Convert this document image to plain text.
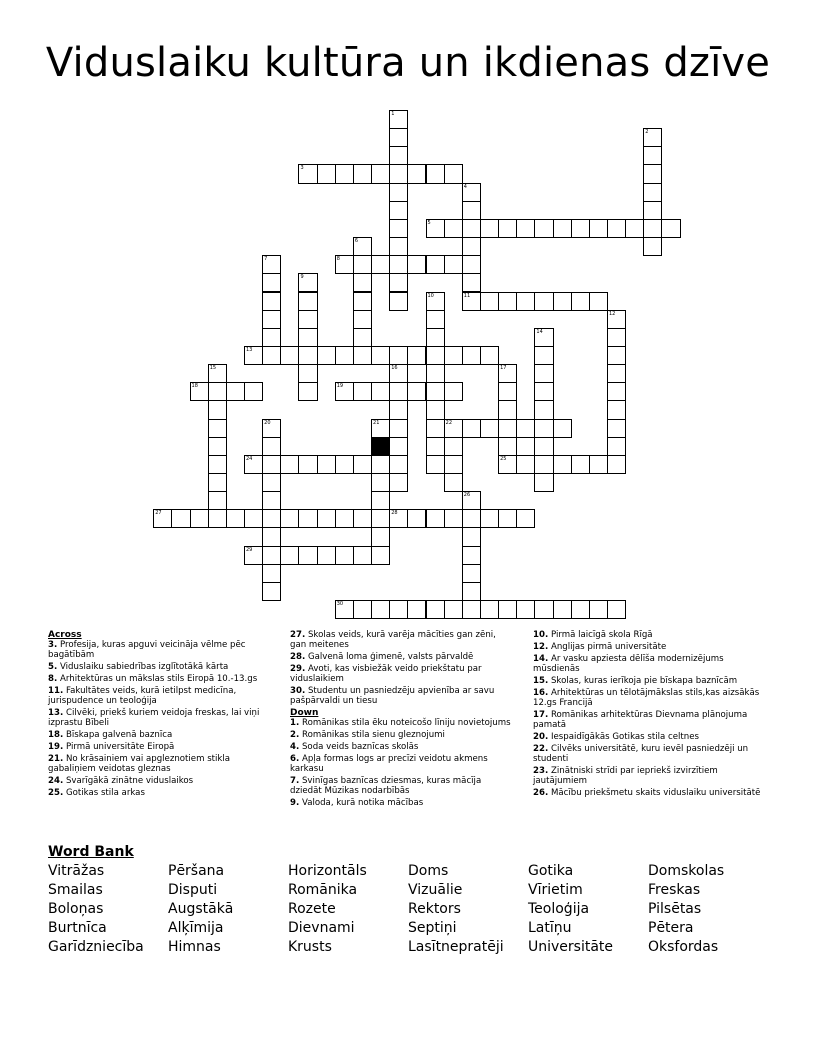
Viduslaiku kultūra un ikdienas dzīve
3
5
8
11
13
18	19
22
24	25
27	28
29
30
1
2
4
6
7
9
10
12
14
15	16	17
20	21
26
Across
3. Profesija, kuras apguvi veicināja vēlme pēc bagātībām
5. Viduslaiku sabiedrības izglītotākā kārta
8. Arhitektūras un mākslas stils Eiropā 10.-13.gs
11. Fakultātes veids, kurā ietilpst medicīna, jurispudence un teoloģija
13. Cilvēki, priekš kuriem veidoja freskas, lai viņi izprastu Bībeli
18. Bīskapa galvenā baznīca
19. Pirmā universitāte Eiropā
21. No krāsainiem vai apgleznotiem stikla gabaliņiem veidotas gleznas
24. Svarīgākā zinātne viduslaikos
25. Gotikas stila arkas
27. Skolas veids, kurā varēja mācīties gan zēni, gan meitenes
28. Galvenā loma ģimenē, valsts pārvaldē
29. Avoti, kas visbiežāk veido priekštatu par viduslaikiem
30. Studentu un pasniedzēju apvienība ar savu pašpārvaldi un tiesu
Down
1. Romānikas stila ēku noteicošo līniju novietojums
2. Romānikas stila sienu gleznojumi
4. Soda veids baznīcas skolās
6. Apļa formas logs ar precīzi veidotu akmens karkasu
7. Svinīgas baznīcas dziesmas, kuras mācīja dziedāt Mūzikas nodarbībās
9. Valoda, kurā notika mācības
10. Pirmā laicīgā skola Rīgā
12. Anglijas pirmā universitāte
14. Ar vasku apziesta dēlīša modernizējums mūsdienās
15. Skolas, kuras ierīkoja pie bīskapa baznīcām
16. Arhitektūras un tēlotājmākslas stils,kas aizsākās 12.gs Francijā
17. Romānikas arhitektūras Dievnama plānojuma pamatā
20. Iespaidīgākās Gotikas stila celtnes
22. Cilvēks universitātē, kuru ievēl pasniedzēji un studenti
23. Zinātniski strīdi par iepriekš izvirzītiem jautājumiem
26. Mācību priekšmetu skaits viduslaiku universitātē
Word Bank
Vitrāžas	Pēršana	Horizontāls	Doms	Gotika	Domskolas
Smailas	Disputi	Romānika	Vizuālie	Vīrietim	Freskas
Boloņas	Augstākā	Rozete	Rektors	Teoloģija	Pilsētas
Burtnīca	Alķīmija	Dievnami	Septiņi	Latīņu	Pētera
Garīdzniecība Himnas	Krusts	Lasītnepratēji Universitāte Oksfordas
